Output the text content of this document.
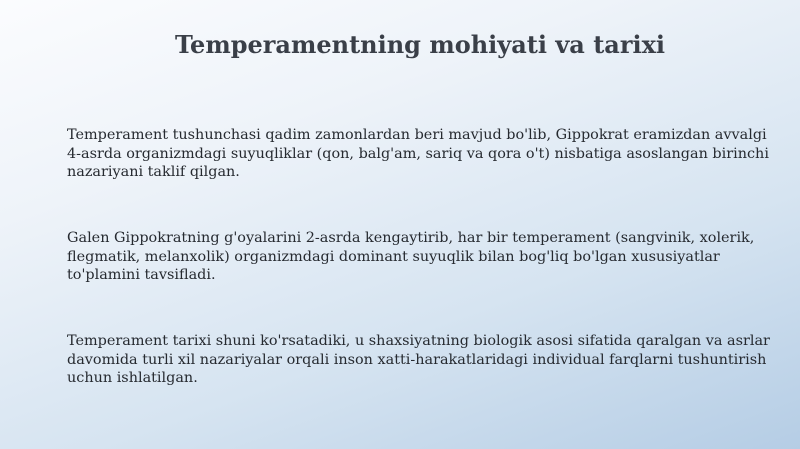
Temperamentning mohiyati va tarixi

Temperament tushunchasi qadim zamonlardan beri mavjud bo'lib, Gippokrat eramizdan avvalgi 4-asrda organizmdagi suyuqliklar (qon, balg'am, sariq va qora o't) nisbatiga asoslangan birinchi nazariyani taklif qilgan.

Galen Gippokratning g'oyalarini 2-asrda kengaytirib, har bir temperament (sangvinik, xolerik, flegmatik, melanxolik) organizmdagi dominant suyuqlik bilan bog'liq bo'lgan xususiyatlar to'plamini tavsifladi.

Temperament tarixi shuni ko'rsatadiki, u shaxsiyatning biologik asosi sifatida qaralgan va asrlar davomida turli xil nazariyalar orqali inson xatti-harakatlaridagi individual farqlarni tushuntirish uchun ishlatilgan.
